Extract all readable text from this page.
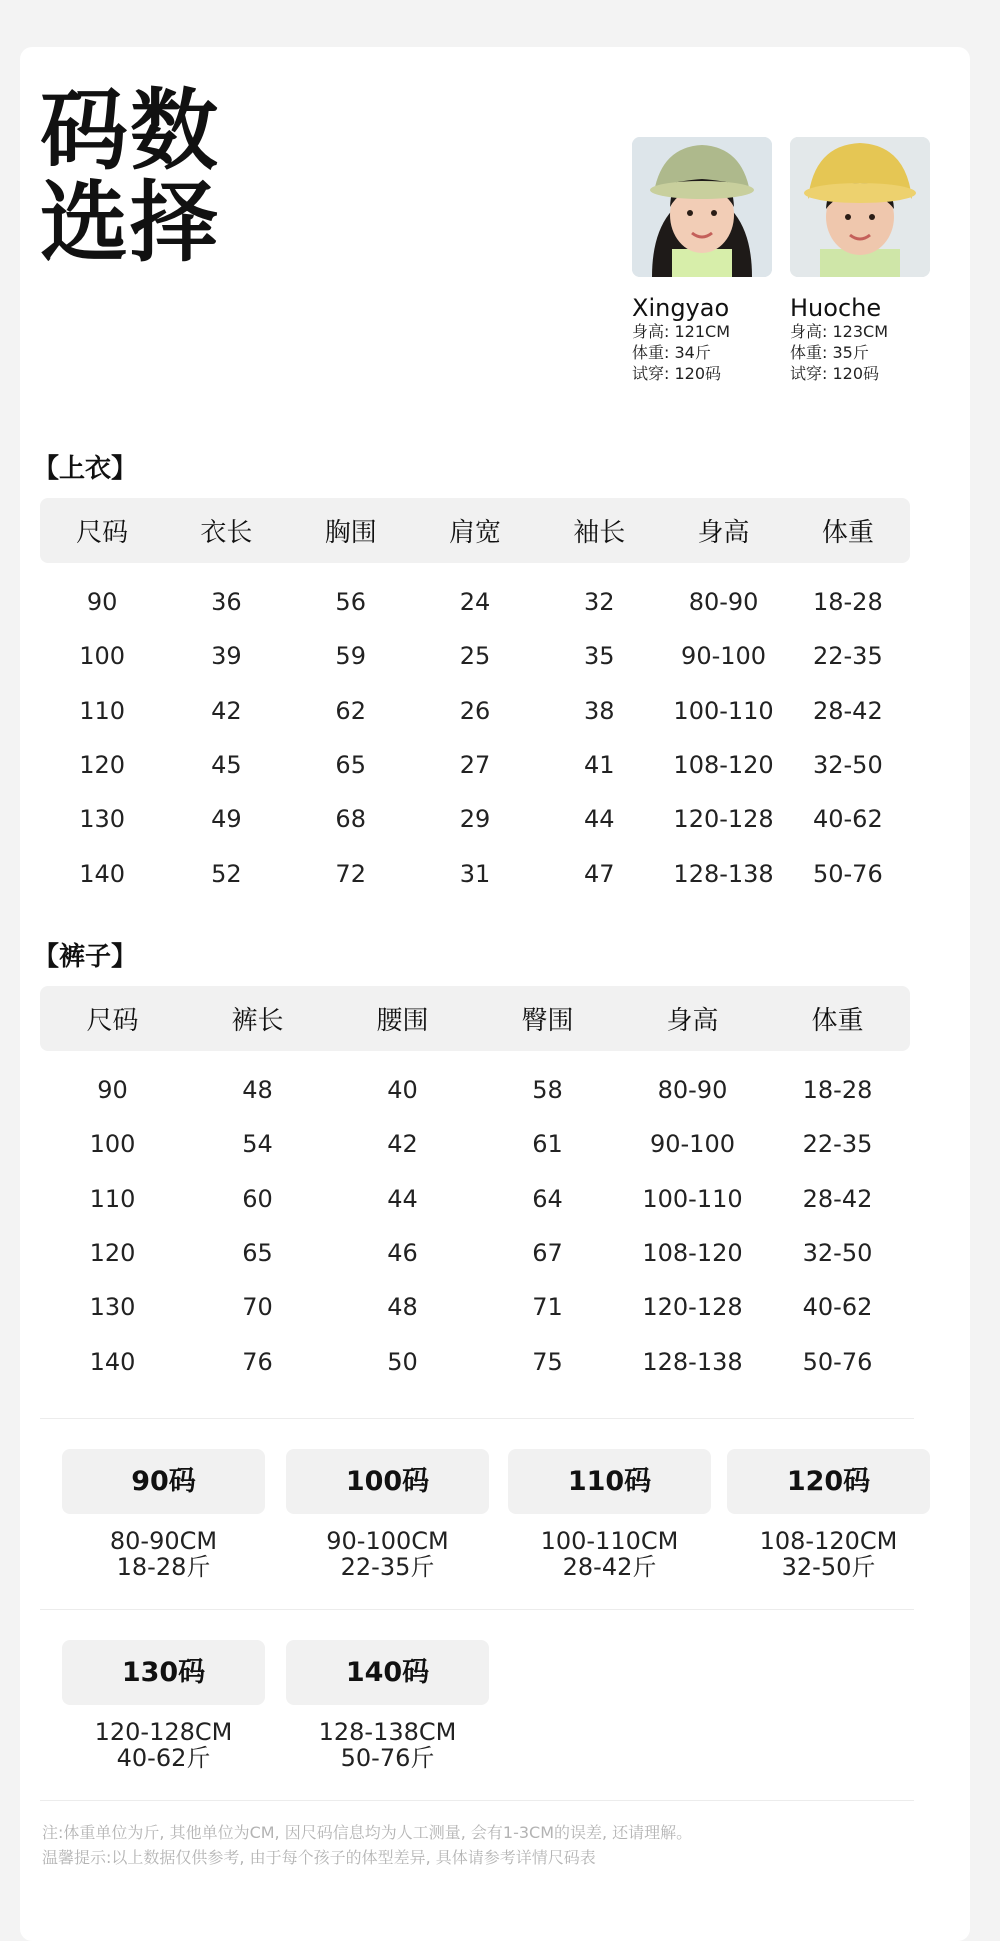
码数
选择
Xingyao
身高: 121CM
体重: 34斤
试穿: 120码
Huoche
身高: 123CM
体重: 35斤
试穿: 120码
【上衣】
尺码	衣长	胸围	肩宽	袖长	身高	体重
90	36	56	24	32	80-90	18-28
100	39	59	25	35	90-100	22-35
110	42	62	26	38	100-110	28-42
120	45	65	27	41	108-120	32-50
130	49	68	29	44	120-128	40-62
140	52	72	31	47	128-138	50-76
【裤子】
尺码	裤长	腰围	臀围	身高	体重
90	48	40	58	80-90	18-28
100	54	42	61	90-100	22-35
110	60	44	64	100-110	28-42
120	65	46	67	108-120	32-50
130	70	48	71	120-128	40-62
140	76	50	75	128-138	50-76
90码
80-90CM
18-28斤
100码
90-100CM
22-35斤
110码
100-110CM
28-42斤
120码
108-120CM
32-50斤
130码
120-128CM
40-62斤
140码
128-138CM
50-76斤
注:体重单位为斤, 其他单位为CM, 因尺码信息均为人工测量, 会有1-3CM的误差, 还请理解。
温馨提示:以上数据仅供参考, 由于每个孩子的体型差异, 具体请参考详情尺码表
